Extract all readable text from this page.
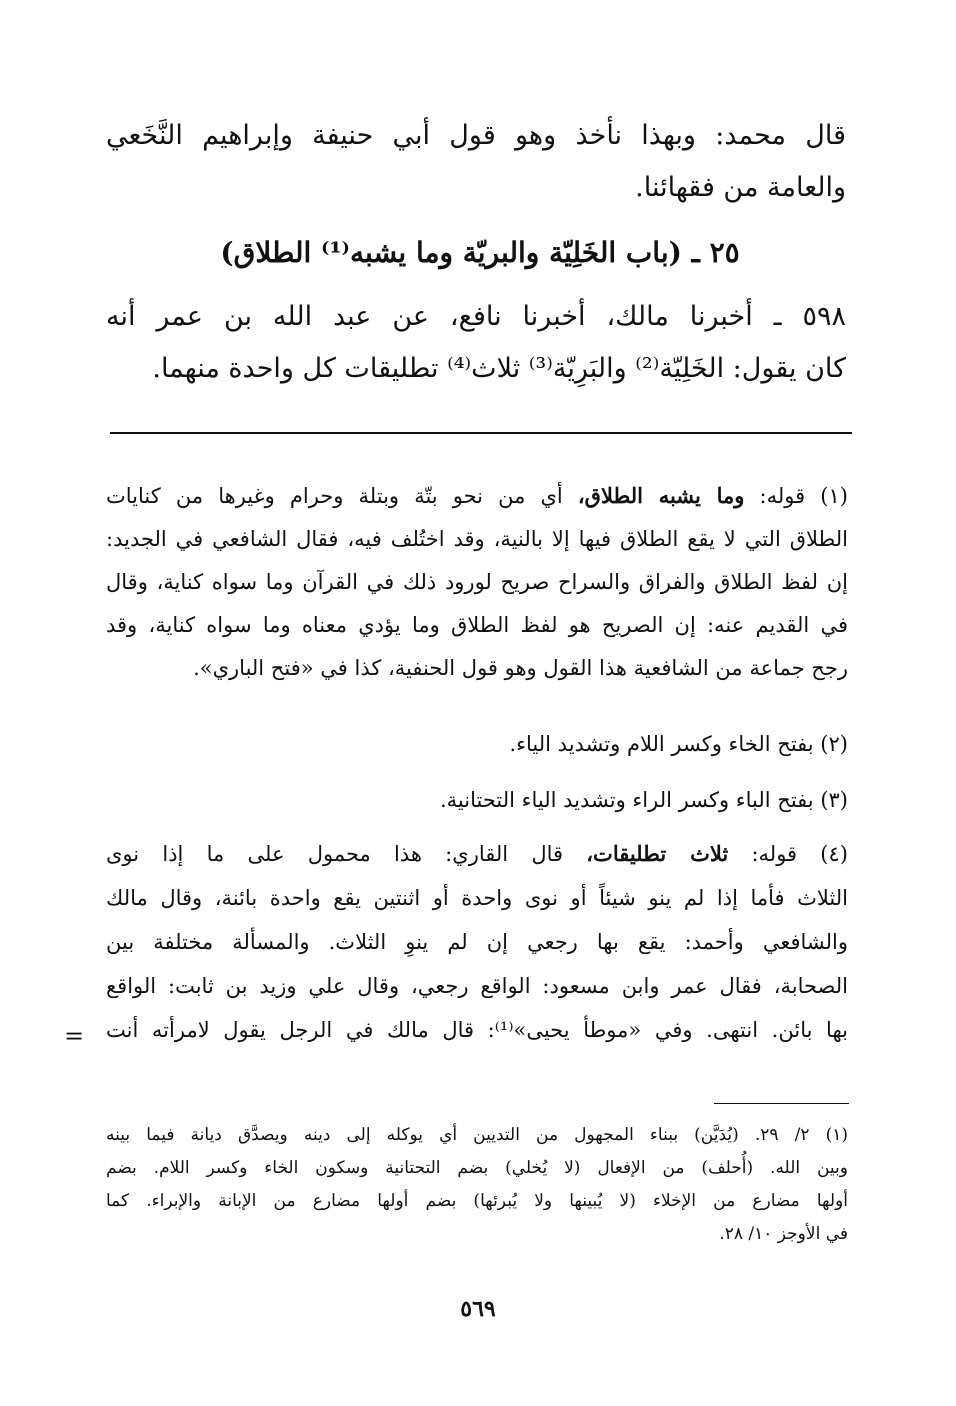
قال محمد: وبهذا نأخذ وهو قول أبي حنيفة وإبراهيم النَّخَعي
والعامة من فقهائنا.
٢٥ ـ (باب الخَلِيّة والبريّة وما يشبه⁽¹⁾ الطلاق)
٥٩٨ ـ أخبرنا مالك، أخبرنا نافع، عن عبد الله بن عمر أنه
كان يقول: الخَلِيّة⁽²⁾ والبَرِيّة⁽³⁾ ثلاث⁽⁴⁾ تطليقات كل واحدة منهما.
(١) قوله: وما يشبه الطلاق، أي من نحو بتّة وبتلة وحرام وغيرها من كنايات
الطلاق التي لا يقع الطلاق فيها إلا بالنية، وقد اختُلف فيه، فقال الشافعي في الجديد:
إن لفظ الطلاق والفراق والسراح صريح لورود ذلك في القرآن وما سواه كناية، وقال
في القديم عنه: إن الصريح هو لفظ الطلاق وما يؤدي معناه وما سواه كناية، وقد
رجح جماعة من الشافعية هذا القول وهو قول الحنفية، كذا في «فتح الباري».
(٢) بفتح الخاء وكسر اللام وتشديد الياء.
(٣) بفتح الباء وكسر الراء وتشديد الياء التحتانية.
(٤) قوله: ثلاث تطليقات، قال القاري: هذا محمول على ما إذا نوى
الثلاث فأما إذا لم ينو شيئاً أو نوى واحدة أو اثنتين يقع واحدة بائنة، وقال مالك
والشافعي وأحمد: يقع بها رجعي إن لم ينوِ الثلاث. والمسألة مختلفة بين
الصحابة، فقال عمر وابن مسعود: الواقع رجعي، وقال علي وزيد بن ثابت: الواقع
بها بائن. انتهى. وفي «موطأ يحيى»⁽¹⁾: قال مالك في الرجل يقول لامرأته أنت
=
(١) ٢/ ٢٩. (يُدَيَّن) ببناء المجهول من التديين أي يوكله إلى دينه ويصدَّق ديانة فيما بينه
وبين الله. (أُحلف) من الإفعال (لا يُخلي) بضم التحتانية وسكون الخاء وكسر اللام. بضم
أولها مضارع من الإخلاء (لا يُبينها ولا يُبرئها) بضم أولها مضارع من الإبانة والإبراء. كما
في الأوجز ١٠/ ٢٨.
٥٦٩
